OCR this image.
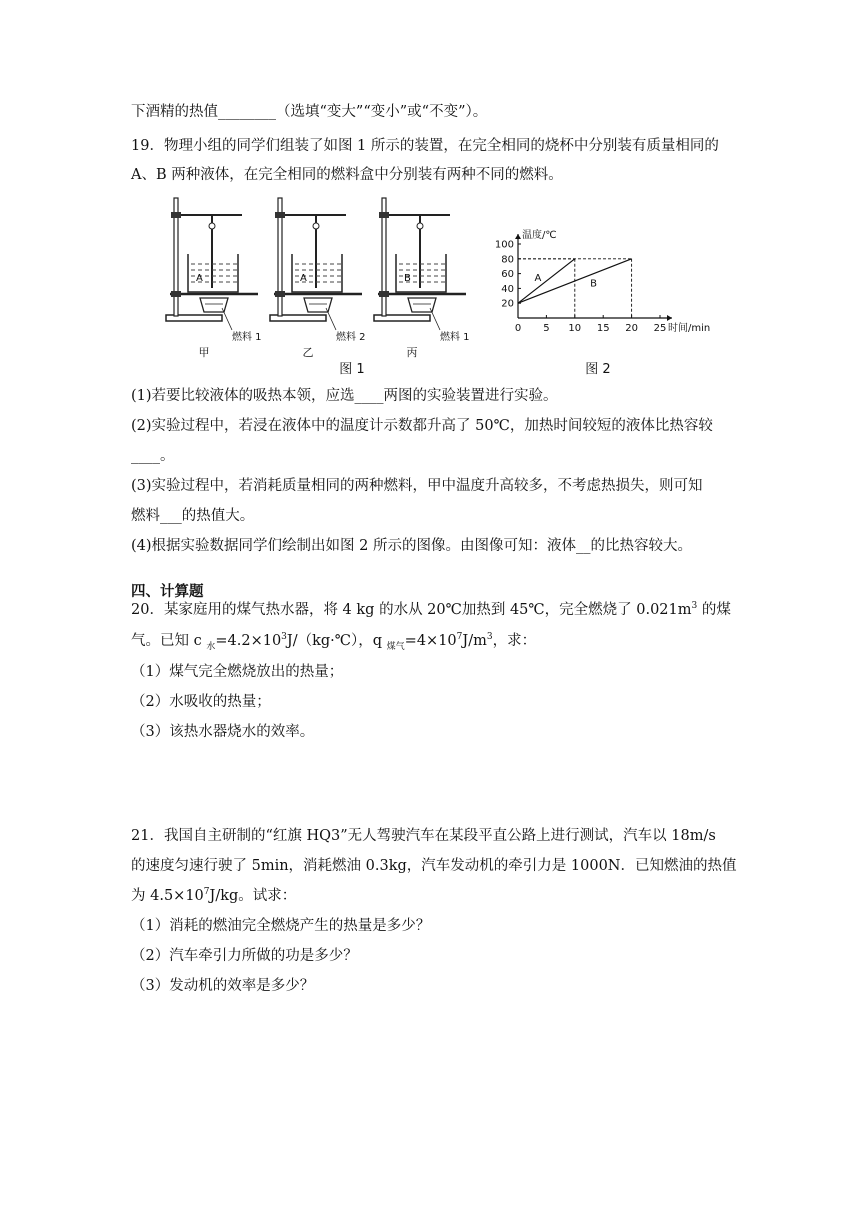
下酒精的热值________（选填“变大”“变小”或“不变”）。
19．物理小组的同学们组装了如图 1 所示的装置，在完全相同的烧杯中分别装有质量相同的
A、B 两种液体，在完全相同的燃料盒中分别装有两种不同的燃料。
A
燃料 1
甲
A
燃料 2
乙
B
燃料 1
丙
图 1
温度/℃
时间/min
0 5 10 15 20 25
20
40
60
80
100
A	B
图 2
(1)若要比较液体的吸热本领，应选____两图的实验装置进行实验。
(2)实验过程中，若浸在液体中的温度计示数都升高了 50℃，加热时间较短的液体比热容较
____。
(3)实验过程中，若消耗质量相同的两种燃料，甲中温度升高较多，不考虑热损失，则可知
燃料___的热值大。
(4)根据实验数据同学们绘制出如图 2 所示的图像。由图像可知：液体__的比热容较大。
四、计算题
20．某家庭用的煤气热水器，将 4 kg 的水从 20℃加热到 45℃，完全燃烧了 $0.021m^3$ 的煤
气。已知 c $_水=4.2\times 10^3J/(kg\cdot℃)$，q $_{煤气}=4\times 10^7J/m^3$，求：
（1）煤气完全燃烧放出的热量；
（2）水吸收的热量；
（3）该热水器烧水的效率。
21．我国自主研制的“红旗 HQ3”无人驾驶汽车在某段平直公路上进行测试，汽车以 18m/s
的速度匀速行驶了 5min，消耗燃油 0.3kg，汽车发动机的牵引力是 1000N．已知燃油的热值
为 $4.5\times 10^7J/kg$。试求：
（1）消耗的燃油完全燃烧产生的热量是多少？
（2）汽车牵引力所做的功是多少？
（3）发动机的效率是多少？
